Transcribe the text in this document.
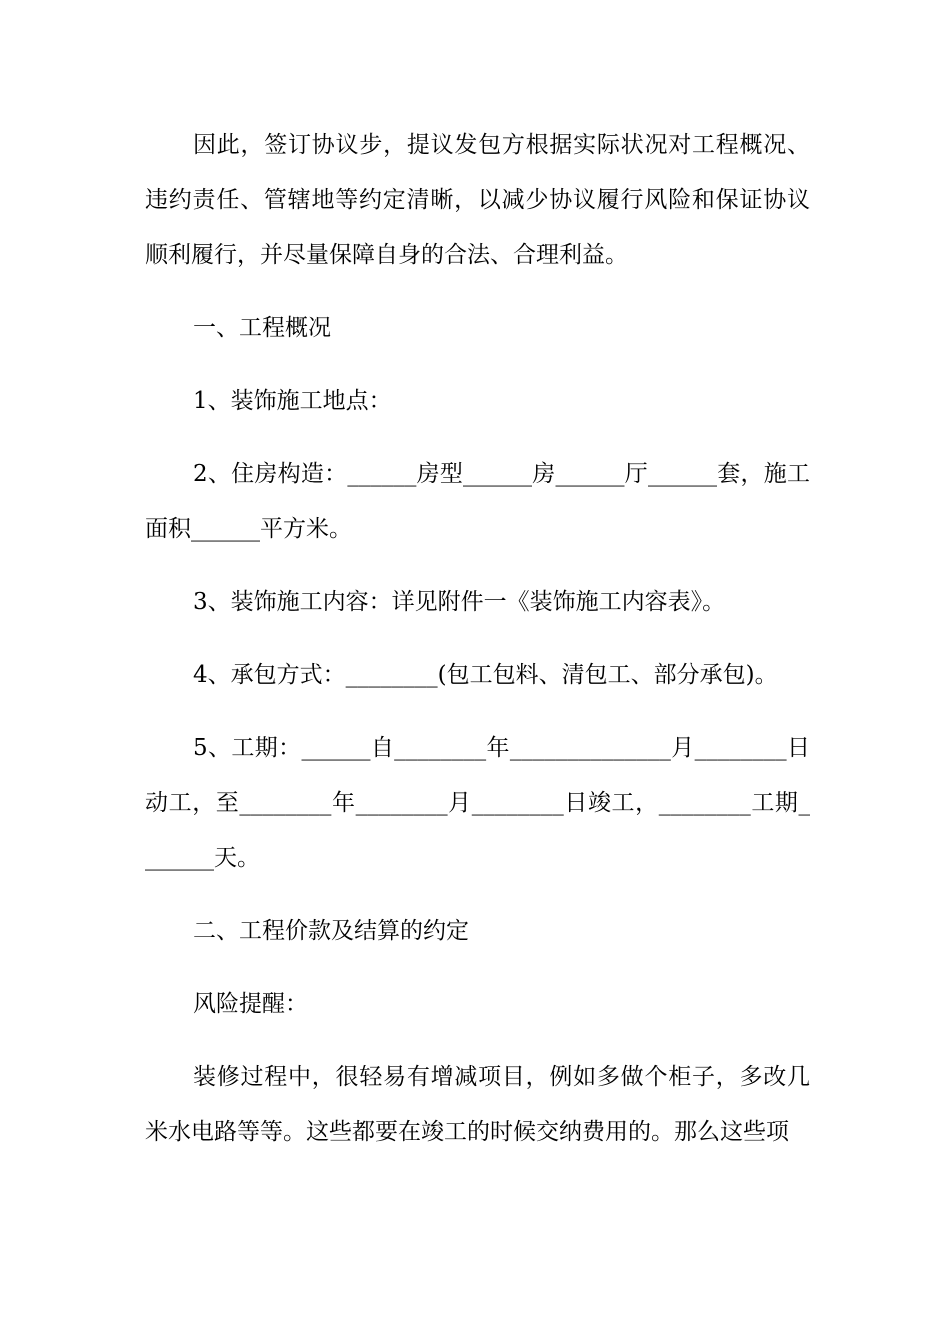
因此，签订协议步，提议发包方根据实际状况对工程概况、违约责任、管辖地等约定清晰，以减少协议履行风险和保证协议顺利履行，并尽量保障自身的合法、合理利益。

一、工程概况

1、装饰施工地点：

2、住房构造：______房型______房______厅______套，施工面积______平方米。

3、装饰施工内容：详见附件一《装饰施工内容表》。

4、承包方式：________(包工包料、清包工、部分承包)。

5、工期：______自________年______________月________日动工，至________年________月________日竣工，________工期_______天。

二、工程价款及结算的约定

风险提醒：

装修过程中，很轻易有增减项目，例如多做个柜子，多改几米水电路等等。这些都要在竣工的时候交纳费用的。那么这些项
